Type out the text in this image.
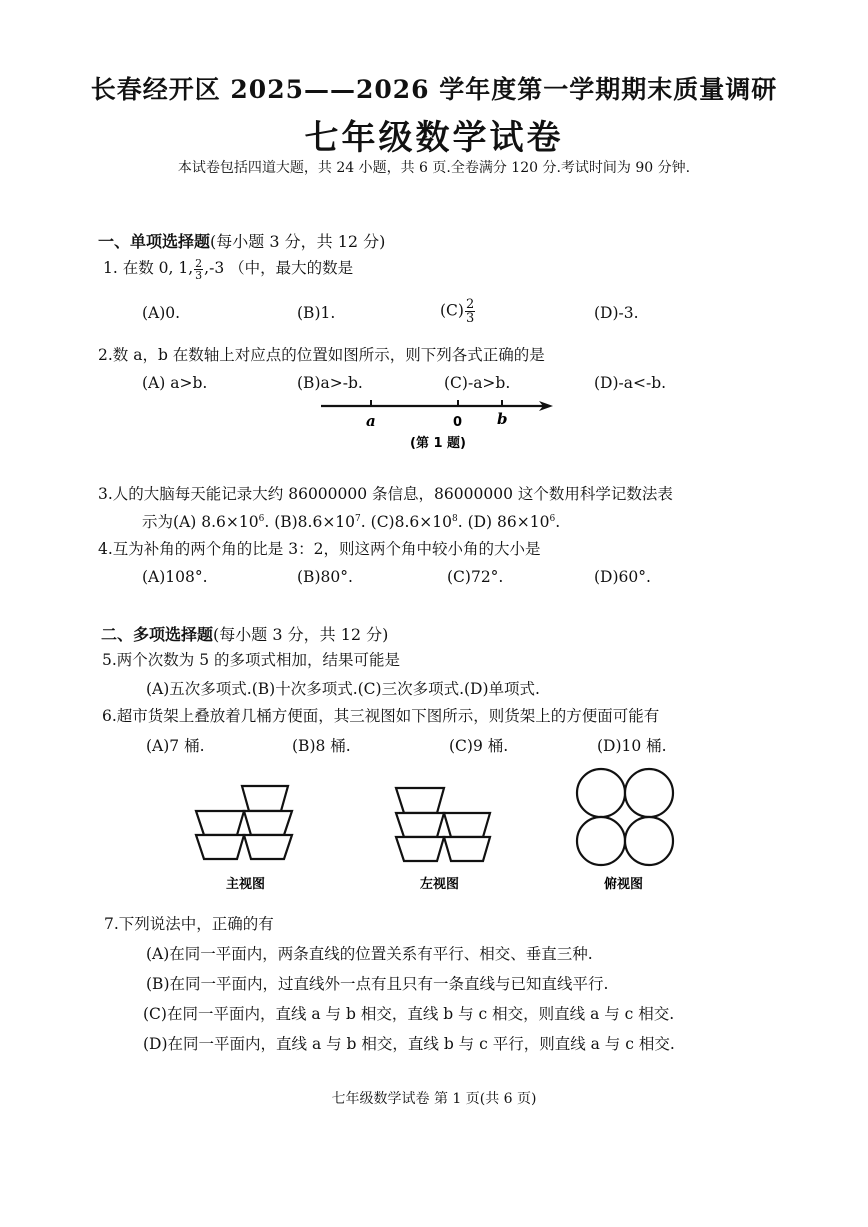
长春经开区 2025——2026 学年度第一学期期末质量调研
七年级数学试卷
本试卷包括四道大题，共 24 小题，共 6 页.全卷满分 120 分.考试时间为 90 分钟.
一、单项选择题(每小题 3 分，共 12 分)
1. 在数 0, 1, $\frac{2}{3} ,-3$ （中，最大的数是
(A)0.	(B)1.	$(C) \frac{2}{3}$	(D)-3.
2.数 a，b 在数轴上对应点的位置如图所示，则下列各式正确的是
(A) a>b.	(B)a>-b.	(C)-a>b.	(D)-a<-b.
a	0 b
(第 1 题)
3.人的大脑每天能记录大约 86000000 条信息，86000000 这个数用科学记数法表
示为(A) $8.6\times 10^6$. $(B)8.6\times 10^7$. $(C)8.6\times 10^8$. (D) $86\times 10^6$.
4.互为补角的两个角的比是 3：2，则这两个角中较小角的大小是
(A)108°.	(B)80°.	(C)72°.	(D)60°.
二、多项选择题(每小题 3 分，共 12 分)
5.两个次数为 5 的多项式相加，结果可能是
(A)五次多项式.(B)十次多项式.(C)三次多项式.(D)单项式.
6.超市货架上叠放着几桶方便面，其三视图如下图所示，则货架上的方便面可能有
(A)7 桶.	(B)8 桶.	(C)9 桶.	(D)10 桶.
主视图	左视图	俯视图
7.下列说法中，正确的有
(A)在同一平面内，两条直线的位置关系有平行、相交、垂直三种.
(B)在同一平面内，过直线外一点有且只有一条直线与已知直线平行.
(C)在同一平面内，直线 a 与 b 相交，直线 b 与 c 相交，则直线 a 与 c 相交.
(D)在同一平面内，直线 a 与 b 相交，直线 b 与 c 平行，则直线 a 与 c 相交.
七年级数学试卷 第 1 页(共 6 页)
